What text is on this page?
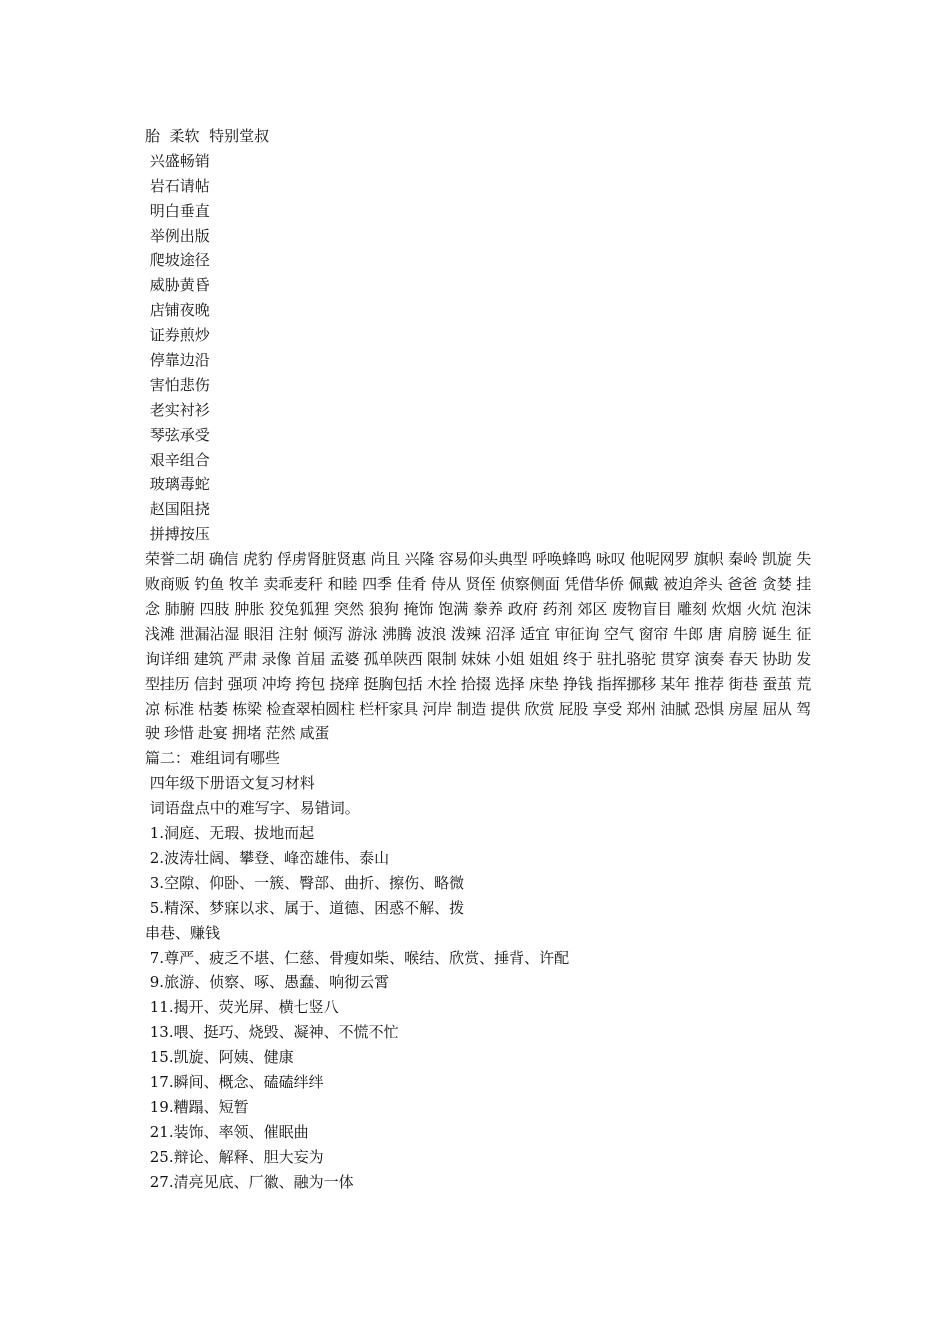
胎  柔软  特别堂叔
兴盛畅销
岩石请帖
明白垂直
举例出版
爬坡途径
威胁黄昏
店铺夜晚
证券煎炒
停靠边沿
害怕悲伤
老实衬衫
琴弦承受
艰辛组合
玻璃毒蛇
赵国阻挠
拼搏按压
荣誉二胡 确信 虎豹 俘虏肾脏贤惠 尚且 兴隆 容易仰头典型 呼唤蜂鸣 咏叹 他呢网罗 旗帜 秦岭 凯旋 失败商贩 钓鱼 牧羊 卖乖麦秆 和睦 四季 佳肴 侍从 贤侄 侦察侧面 凭借华侨 佩戴 被迫斧头 爸爸 贪婪 挂念 肺腑 四肢 肿胀 狡兔狐狸 突然 狼狗 掩饰 饱满 豢养 政府 药剂 郊区 废物盲目 雕刻 炊烟 火炕 泡沫 浅滩 泄漏沾湿 眼泪 注射 倾泻 游泳 沸腾 波浪 泼辣 沼泽 适宜 审征询 空气 窗帘 牛郎 唐 肩膀 诞生 征询详细 建筑 严肃 录像 首届 孟婆 孤单陕西 限制 妹妹 小姐 姐姐 终于 驻扎骆驼 贯穿 演奏 春天 协助 发型挂历 信封 强项 冲垮 挎包 挠痒 挺胸包括 木拴 拾掇 选择 床垫 挣钱 指挥挪移 某年 推荐 街巷 蚕茧 荒凉 标准 枯萎 栋梁 检查翠柏圆柱 栏杆家具 河岸 制造 提供 欣赏 屁股 享受 郑州 油腻 恐惧 房屋 屈从 驾驶 珍惜 赴宴 拥堵 茫然 咸蛋
篇二：难组词有哪些
四年级下册语文复习材料
词语盘点中的难写字、易错词。
1.洞庭、无瑕、拔地而起
2.波涛壮阔、攀登、峰峦雄伟、泰山
3.空隙、仰卧、一簇、臀部、曲折、擦伤、略微
5.精深、梦寐以求、属于、道德、困惑不解、拨
串巷、赚钱
7.尊严、疲乏不堪、仁慈、骨瘦如柴、喉结、欣赏、捶背、许配
9.旅游、侦察、啄、愚蠢、响彻云霄
11.揭开、荧光屏、横七竖八
13.喂、挺巧、烧毁、凝神、不慌不忙
15.凯旋、阿姨、健康
17.瞬间、概念、磕磕绊绊
19.糟蹋、短暂
21.装饰、率领、催眠曲
25.辩论、解释、胆大妄为
27.清亮见底、厂徽、融为一体
